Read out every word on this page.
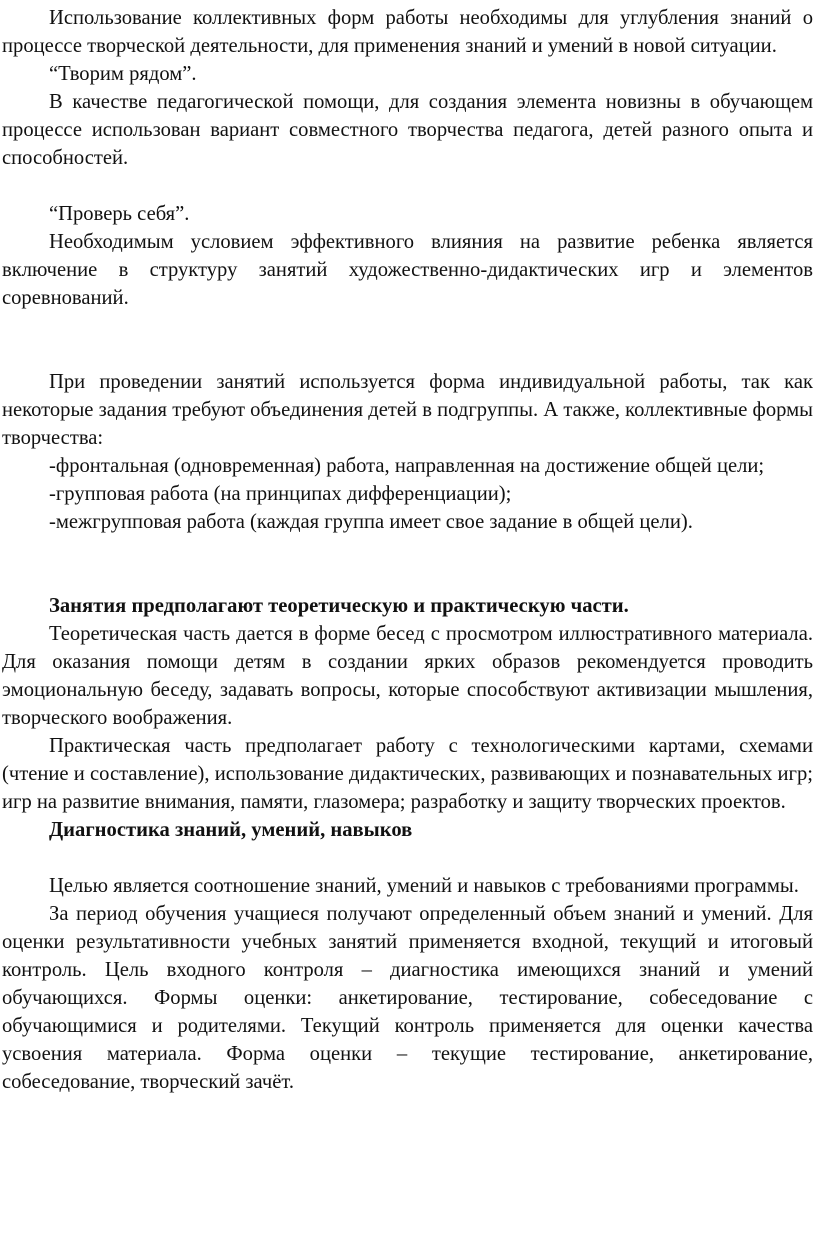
Использование коллективных форм работы необходимы для углубления знаний о процессе творческой деятельности, для применения знаний и умений в новой ситуации.

“Творим рядом”.

В качестве педагогической помощи, для создания элемента новизны в обучающем процессе использован вариант совместного творчества педагога, детей разного опыта и способностей.

“Проверь себя”.

Необходимым условием эффективного влияния на развитие ребенка является включение в структуру занятий художественно-дидактических игр и элементов соревнований.

При проведении занятий используется форма индивидуальной работы, так как некоторые задания требуют объединения детей в подгруппы. А также, коллективные формы творчества:

-фронтальная (одновременная) работа, направленная на достижение общей цели;

-групповая работа (на принципах дифференциации);

-межгрупповая работа (каждая группа имеет свое задание в общей цели).

Занятия предполагают теоретическую и практическую части.

Теоретическая часть дается в форме бесед с просмотром иллюстративного материала. Для оказания помощи детям в создании ярких образов рекомендуется проводить эмоциональную беседу, задавать вопросы, которые способствуют активизации мышления, творческого воображения.

Практическая часть предполагает работу с технологическими картами, схемами (чтение и составление), использование дидактических, развивающих и познавательных игр; игр на развитие внимания, памяти, глазомера; разработку и защиту творческих проектов.

Диагностика знаний, умений, навыков

Целью является соотношение знаний, умений и навыков с требованиями программы.

За период обучения учащиеся получают определенный объем знаний и умений. Для оценки результативности учебных занятий применяется входной, текущий и итоговый контроль. Цель входного контроля – диагностика имеющихся знаний и умений обучающихся. Формы оценки: анкетирование, тестирование, собеседование с обучающимися и родителями. Текущий контроль применяется для оценки качества усвоения материала. Форма оценки – текущие тестирование, анкетирование, собеседование, творческий зачёт.
